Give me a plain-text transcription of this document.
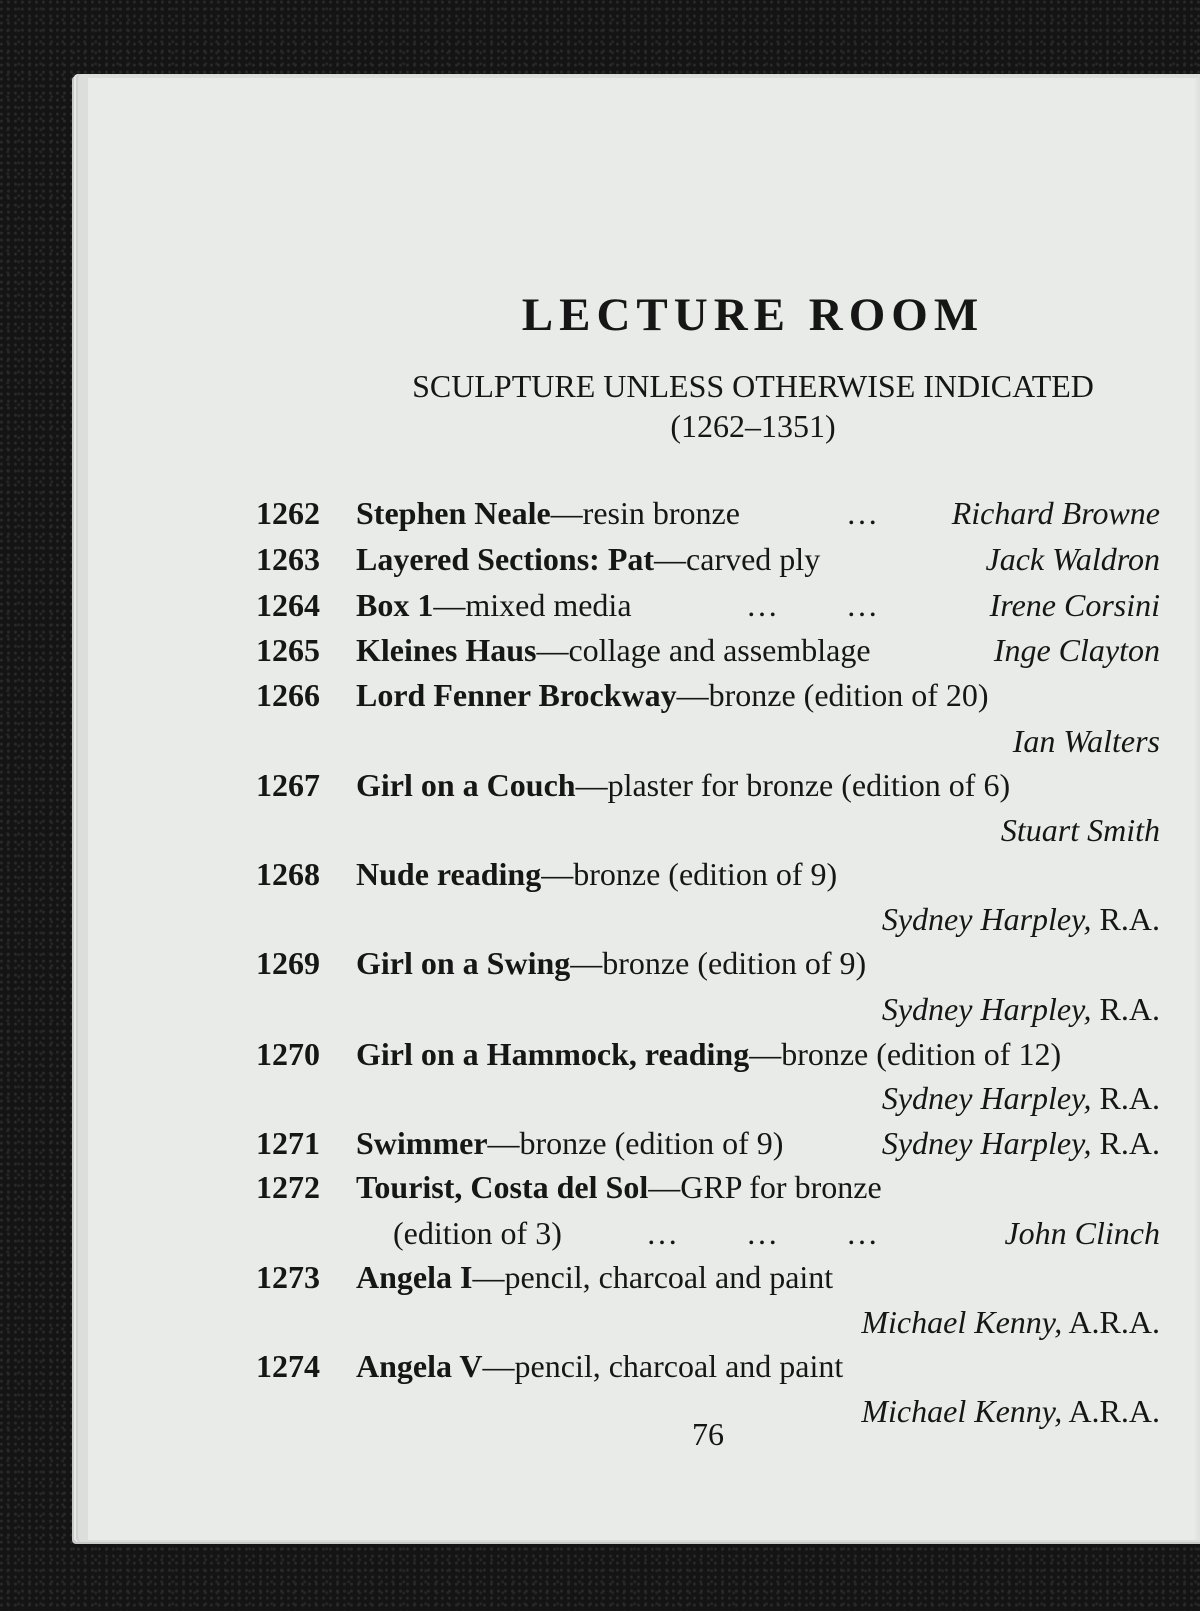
LECTURE ROOM
SCULPTURE UNLESS OTHERWISE INDICATED
(1262–1351)
1262 Stephen Neale—resin bronze	… Richard Browne
1263 Layered Sections: Pat—carved ply	Jack Waldron
1264 Box 1—mixed media	… …	Irene Corsini
1265 Kleines Haus—collage and assemblage	Inge Clayton
1266 Lord Fenner Brockway—bronze (edition of 20)
Ian Walters
1267 Girl on a Couch—plaster for bronze (edition of 6)
Stuart Smith
1268 Nude reading—bronze (edition of 9)
Sydney Harpley, R.A.
1269 Girl on a Swing—bronze (edition of 9)
Sydney Harpley, R.A.
1270 Girl on a Hammock, reading—bronze (edition of 12)
Sydney Harpley, R.A.
1271 Swimmer—bronze (edition of 9)	Sydney Harpley, R.A.
1272 Tourist, Costa del Sol—GRP for bronze
(edition of 3)	… … …	John Clinch
1273 Angela I—pencil, charcoal and paint
Michael Kenny, A.R.A.
1274 Angela V—pencil, charcoal and paint
Michael Kenny, A.R.A.
76
